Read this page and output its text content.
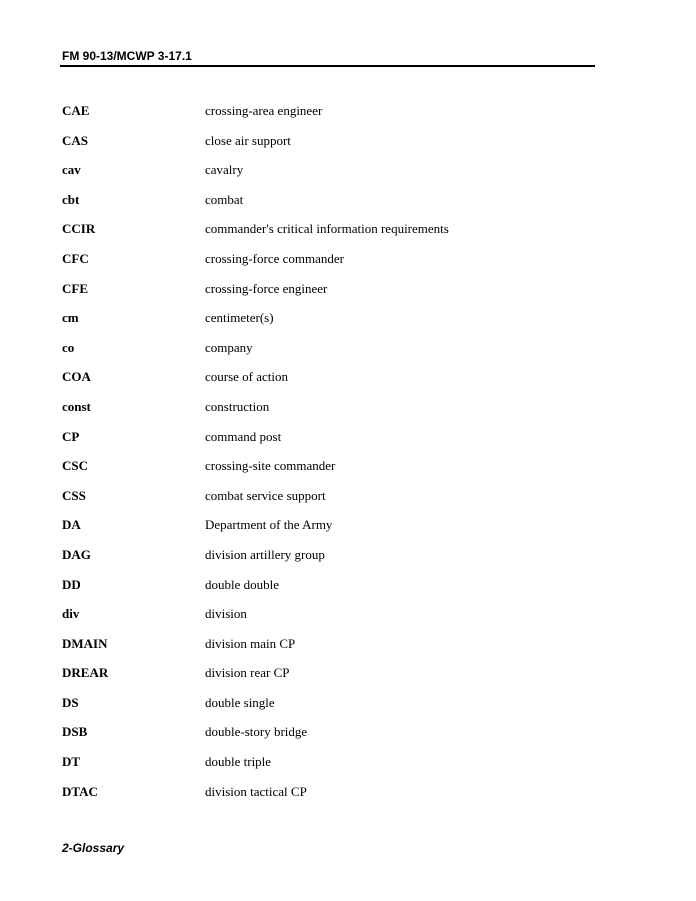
FM 90-13/MCWP 3-17.1
CAE	crossing-area engineer
CAS	close air support
cav	cavalry
cbt	combat
CCIR	commander's critical information requirements
CFC	crossing-force commander
CFE	crossing-force engineer
cm	centimeter(s)
co	company
COA	course of action
const	construction
CP	command post
CSC	crossing-site commander
CSS	combat service support
DA	Department of the Army
DAG	division artillery group
DD	double double
div	division
DMAIN	division main CP
DREAR	division rear CP
DS	double single
DSB	double-story bridge
DT	double triple
DTAC	division tactical CP
2-Glossary
